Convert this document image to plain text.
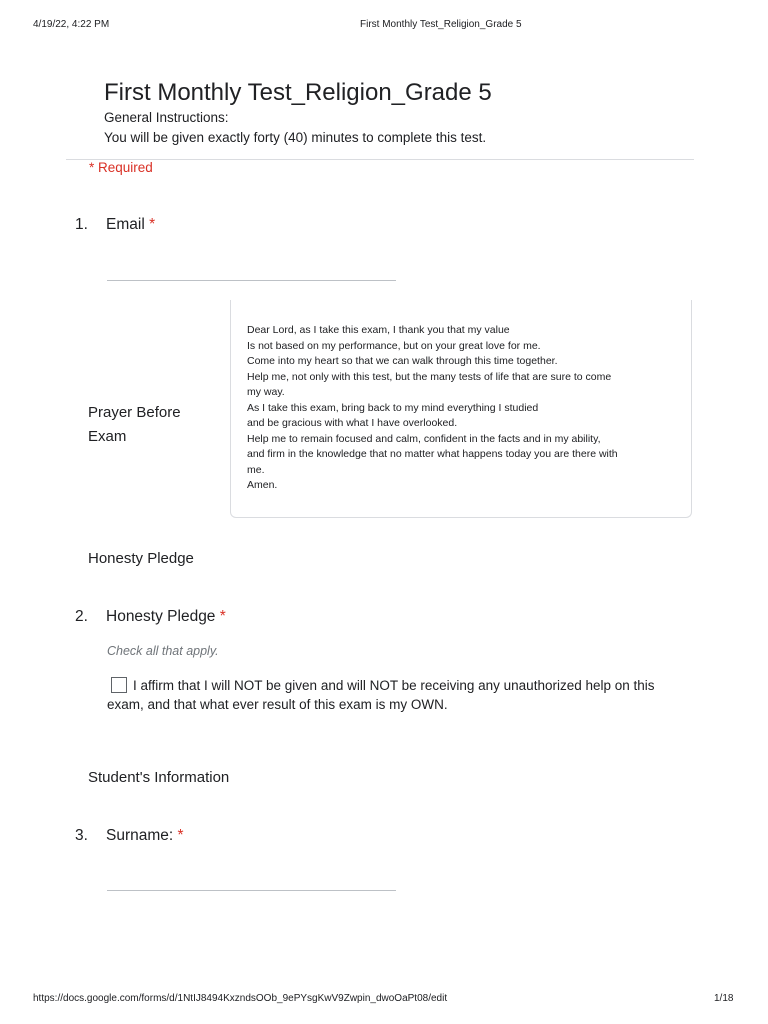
4/19/22, 4:22 PM	First Monthly Test_Religion_Grade 5
First Monthly Test_Religion_Grade 5
General Instructions:
You will be given exactly forty (40) minutes to complete this test.
* Required
1. Email *
Prayer Before
Exam
Dear Lord, as I take this exam, I thank you that my value
Is not based on my performance, but on your great love for me.
Come into my heart so that we can walk through this time together.
Help me, not only with this test, but the many tests of life that are sure to come
my way.
As I take this exam, bring back to my mind everything I studied
and be gracious with what I have overlooked.
Help me to remain focused and calm, confident in the facts and in my ability,
and firm in the knowledge that no matter what happens today you are there with
me.
Amen.
Honesty Pledge
2. Honesty Pledge *
Check all that apply.
I affirm that I will NOT be given and will NOT be receiving any unauthorized help on this
exam, and that what ever result of this exam is my OWN.
Student's Information
3. Surname: *
https://docs.google.com/forms/d/1NtIJ8494KxzndsOOb_9ePYsgKwV9Zwpin_dwoOaPt08/edit	1/18
